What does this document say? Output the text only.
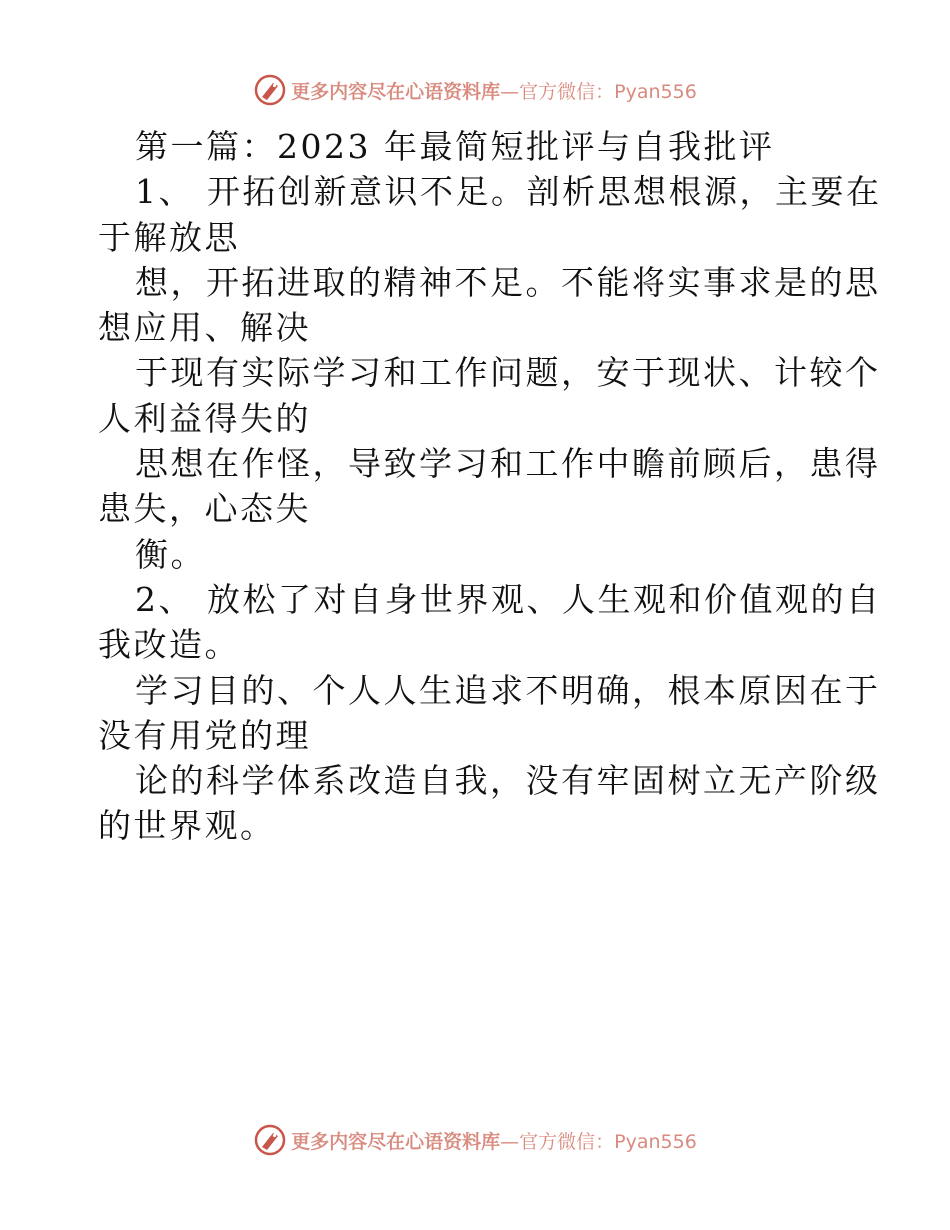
更多内容尽在心语资料库—官方微信：Pyan556
第一篇：2023 年最简短批评与自我批评
1、 开拓创新意识不足。剖析思想根源，主要在
于解放思
想，开拓进取的精神不足。不能将实事求是的思
想应用、解决
于现有实际学习和工作问题，安于现状、计较个
人利益得失的
思想在作怪，导致学习和工作中瞻前顾后，患得
患失，心态失
衡。
2、 放松了对自身世界观、人生观和价值观的自
我改造。
学习目的、个人人生追求不明确，根本原因在于
没有用党的理
论的科学体系改造自我，没有牢固树立无产阶级
的世界观。
更多内容尽在心语资料库—官方微信：Pyan556
